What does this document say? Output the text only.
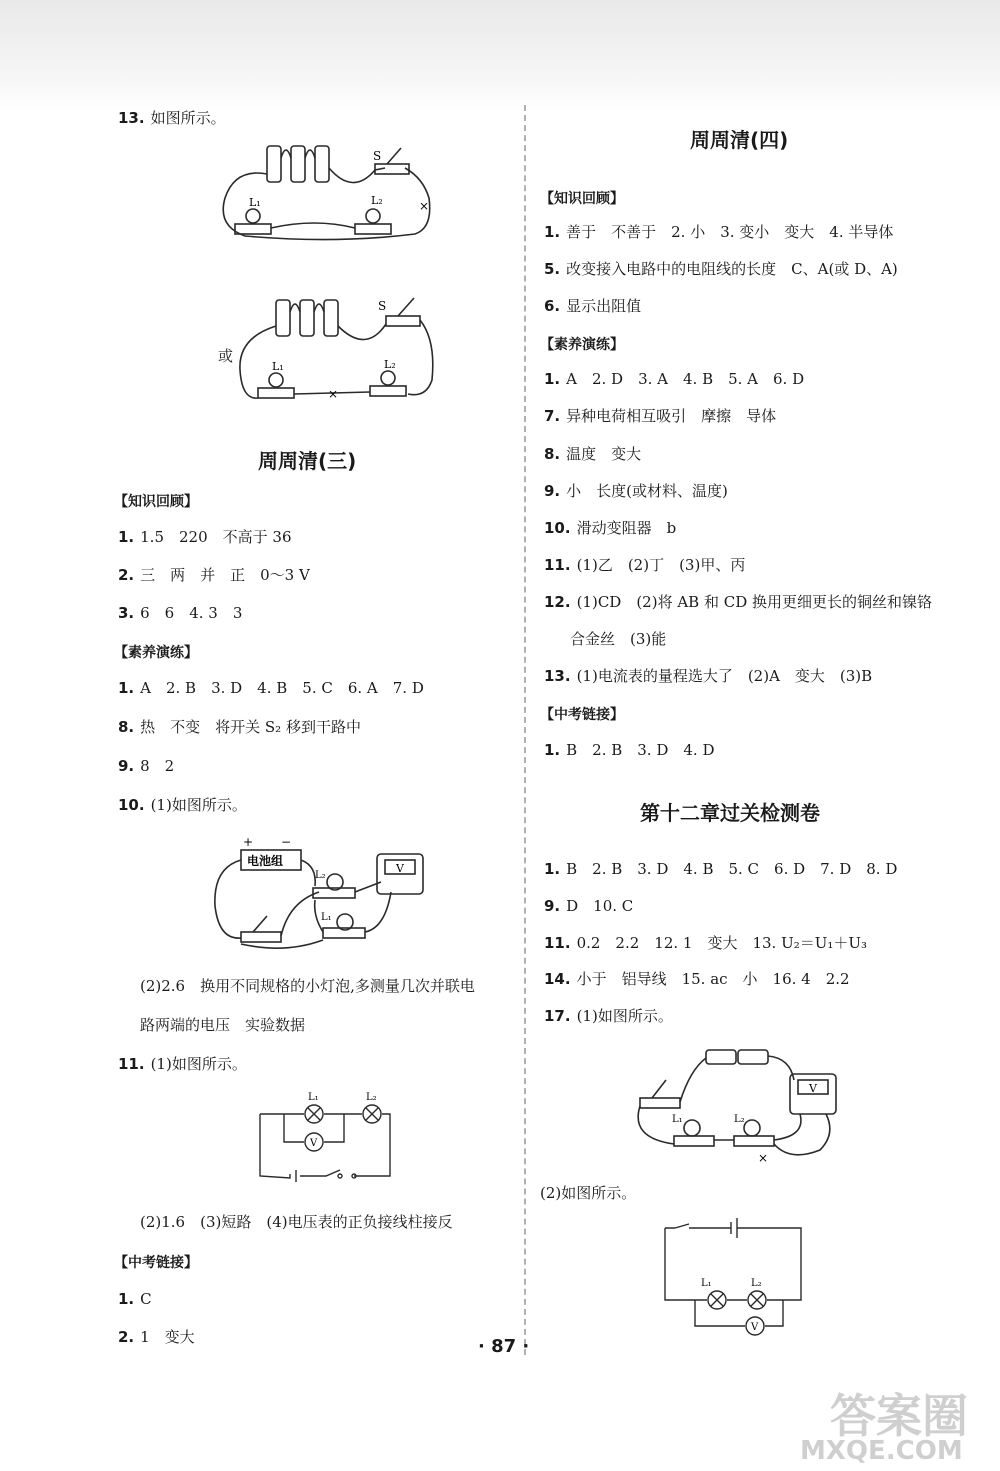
13. 如图所示。
S
L₁	L₂	×
或
L₁	L₂
S
×
周周清(三)
【知识回顾】
1. 1.5　220　不高于 36
2. 三　两　并　正　0～3 V
3. 6　6　4. 3　3
【素养演练】
1. A　2. B　3. D　4. B　5. C　6. A　7. D
8. 热　不变　将开关 S₂ 移到干路中
9. 8　2
10. (1)如图所示。
电池组
+ −
L₂
L₁
V
(2)2.6　换用不同规格的小灯泡,多测量几次并联电
路两端的电压　实验数据
11. (1)如图所示。
L₁	L₂
V
(2)1.6　(3)短路　(4)电压表的正负接线柱接反
【中考链接】
1. C
2. 1　变大
周周清(四)
【知识回顾】
1. 善于　不善于　2. 小　3. 变小　变大　4. 半导体
5. 改变接入电路中的电阻线的长度　C、A(或 D、A)
6. 显示出阻值
【素养演练】
1. A　2. D　3. A　4. B　5. A　6. D
7. 异种电荷相互吸引　摩擦　导体
8. 温度　变大
9. 小　长度(或材料、温度)
10. 滑动变阻器　b
11. (1)乙　(2)丁　(3)甲、丙
12. (1)CD　(2)将 AB 和 CD 换用更细更长的铜丝和镍铬
合金丝　(3)能
13. (1)电流表的量程选大了　(2)A　变大　(3)B
【中考链接】
1. B　2. B　3. D　4. D
第十二章过关检测卷
1. B　2. B　3. D　4. B　5. C　6. D　7. D　8. D
9. D　10. C
11. 0.2　2.2　12. 1　变大　13. U₂＝U₁＋U₃
14. 小于　铝导线　15. ac　小　16. 4　2.2
17. (1)如图所示。
L₁	L₂
V
×
(2)如图所示。
L₁	L₂
V
· 87 ·
答案圈
MXQE.COM
